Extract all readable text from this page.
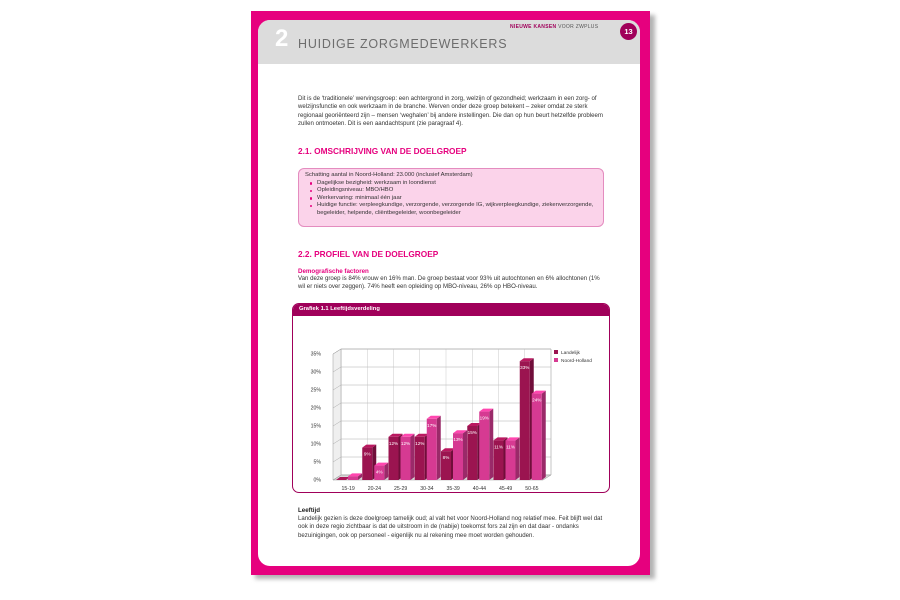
2 HUIDIGE ZORGMEDEWERKERS
NIEUWE KANSEN VOOR ZWPLUS	13
Dit is de ‘traditionele’ wervingsgroep: een achtergrond in zorg, welzijn of gezondheid; werkzaam in een zorg- of welzijnsfunctie en ook werkzaam in de branche. Werven onder deze groep betekent – zeker omdat ze sterk regionaal georiënteerd zijn – mensen ‘weghalen’ bij andere instellingen. Die dan op hun beurt hetzelfde probleem zullen ontmoeten. Dit is een aandachtspunt (zie paragraaf 4).
2.1. OMSCHRIJVING VAN DE DOELGROEP
Schatting aantal in Noord-Holland: 23.000 (inclusief Amsterdam)
Dagelijkse bezigheid: werkzaam in loondienst
Opleidingsniveau: MBO/HBO
Werkervaring: minimaal één jaar
Huidige functie: verpleegkundige, verzorgende, verzorgende IG, wijkverpleegkundige, ziekenverzorgende, begeleider, helpende, cliëntbegeleider, woonbegeleider
2.2. PROFIEL VAN DE DOELGROEP
Demografische factoren
Van deze groep is 84% vrouw en 16% man. De groep bestaat voor 93% uit autochtonen en 6% allochtonen (1% wil er niets over zeggen). 74% heeft een opleiding op MBO-niveau, 26% op HBO-niveau.
Grafiek 1.1 Leeftijdsverdeling
0%
5%
10%
15%
20%
25%
30%
35%
15-19
1%
20-24
9%
4%
25-29
12% 12%
30-34
12%
17%
35-39
8%
13%
40-44
15%
19%
45-49
11% 11%
50-65
33%
24%
Landelijk
Noord-Holland
Leeftijd
Landelijk gezien is deze doelgroep tamelijk oud; al valt het voor Noord-Holland nog relatief mee. Feit blijft wel dat ook in deze regio zichtbaar is dat de uitstroom in de (nabije) toekomst fors zal zijn en dat daar - ondanks bezuinigingen, ook op personeel - eigenlijk nu al rekening mee moet worden gehouden.
